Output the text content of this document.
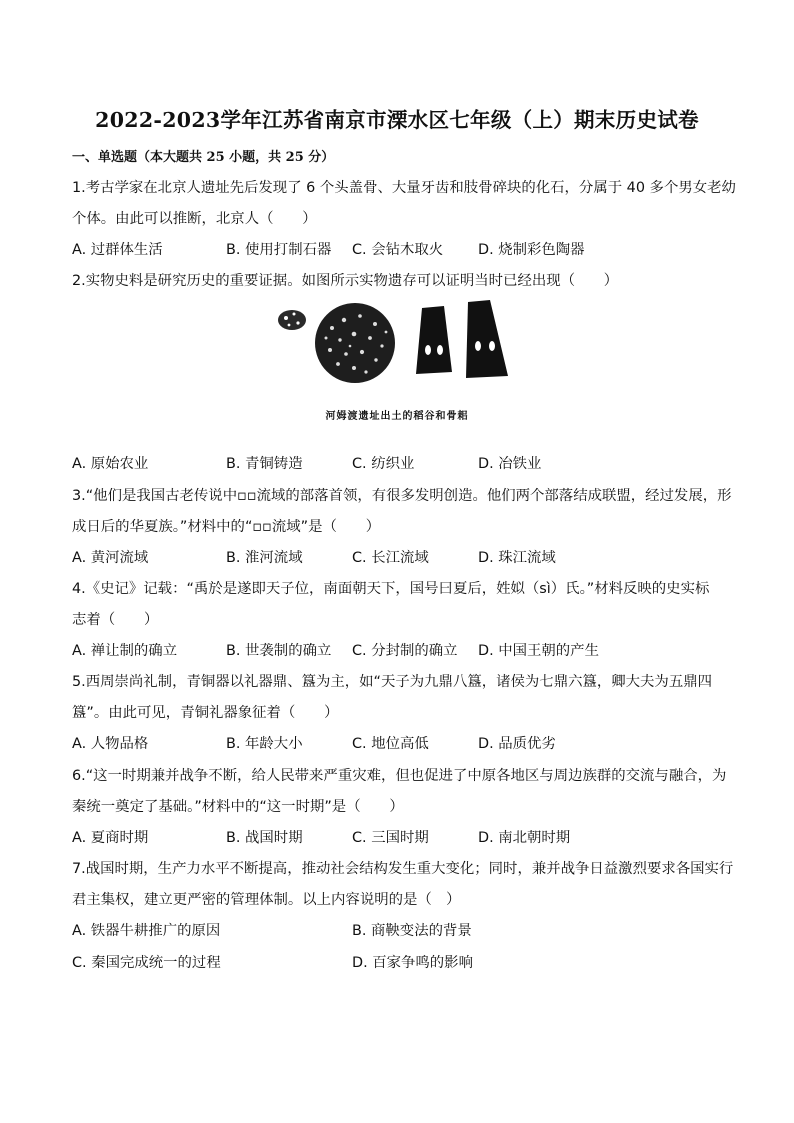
2022-2023学年江苏省南京市溧水区七年级（上）期末历史试卷
一、单选题（本大题共 25 小题，共 25 分）
1.考古学家在北京人遗址先后发现了 6 个头盖骨、大量牙齿和肢骨碎块的化石，分属于 40 多个男女老幼
个体。由此可以推断，北京人（　　）
A. 过群体生活	B. 使用打制石器 C. 会钻木取火 D. 烧制彩色陶器
2.实物史料是研究历史的重要证据。如图所示实物遗存可以证明当时已经出现（　　）
河姆渡遗址出土的稻谷和骨耜
A. 原始农业	B. 青铜铸造	C. 纺织业	D. 冶铁业
3.“他们是我国古老传说中▫▫流域的部落首领，有很多发明创造。他们两个部落结成联盟，经过发展，形
成日后的华夏族。”材料中的“▫▫流域”是（　　）
A. 黄河流域	B. 淮河流域	C. 长江流域	D. 珠江流域
4.《史记》记载：“禹於是遂即天子位，南面朝天下，国号曰夏后，姓姒（sì）氏。”材料反映的史实标
志着（　　）
A. 禅让制的确立	B. 世袭制的确立 C. 分封制的确立 D. 中国王朝的产生
5.西周崇尚礼制，青铜器以礼器鼎、簋为主，如“天子为九鼎八簋，诸侯为七鼎六簋，卿大夫为五鼎四
簋”。由此可见，青铜礼器象征着（　　）
A. 人物品格	B. 年龄大小	C. 地位高低	D. 品质优劣
6.“这一时期兼并战争不断，给人民带来严重灾难，但也促进了中原各地区与周边族群的交流与融合，为
秦统一奠定了基础。”材料中的“这一时期”是（　　）
A. 夏商时期	B. 战国时期	C. 三国时期	D. 南北朝时期
7.战国时期，生产力水平不断提高，推动社会结构发生重大变化；同时，兼并战争日益激烈要求各国实行
君主集权，建立更严密的管理体制。以上内容说明的是（　）
A. 铁器牛耕推广的原因	B. 商鞅变法的背景
C. 秦国完成统一的过程	D. 百家争鸣的影响
